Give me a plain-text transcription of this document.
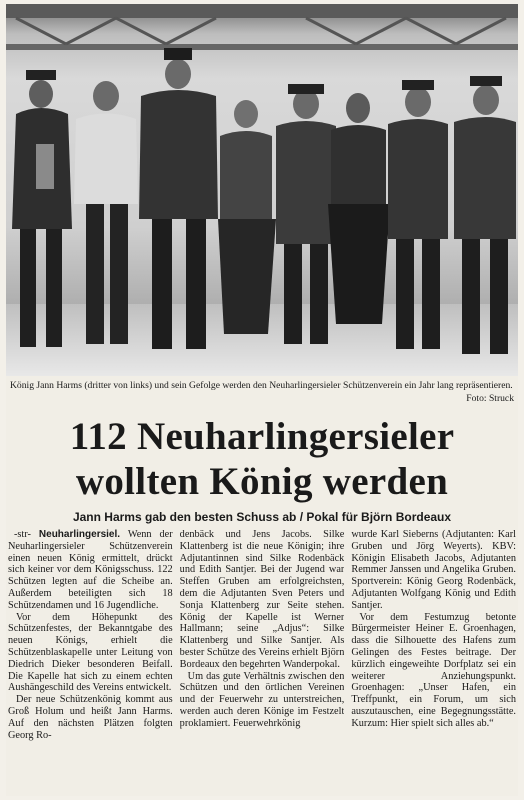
König Jann Harms (dritter von links) und sein Gefolge werden den Neuharlingersieler Schützenverein ein Jahr lang repräsentieren.
Foto: Struck
112 Neuharlingersieler
wollten König werden
Jann Harms gab den besten Schuss ab / Pokal für Björn Bordeaux

-str- Neuharlingersiel. Wenn der Neuharlingersieler Schützenverein einen neuen König ermittelt, drückt sich keiner vor dem Königsschuss. 122 Schützen legten auf die Scheibe an. Außerdem beteiligten sich 18 Schützendamen und 16 Jugendliche.

Vor dem Höhepunkt des Schützenfestes, der Bekanntgabe des neuen Königs, erhielt die Schützenblaskapelle unter Leitung von Diedrich Dieker besonderen Beifall. Die Kapelle hat sich zu einem echten Aushängeschild des Vereins entwickelt.

Der neue Schützenkönig kommt aus Groß Holum und heißt Jann Harms. Auf den nächsten Plätzen folgten Georg Ro-

denbäck und Jens Jacobs. Silke Klattenberg ist die neue Königin; ihre Adjutantinnen sind Silke Rodenbäck und Edith Santjer. Bei der Jugend war Steffen Gruben am erfolgreichsten, dem die Adjutanten Sven Peters und Sonja Klattenberg zur Seite stehen. König der Kapelle ist Werner Hallmann; seine „Adjus“: Silke Klattenberg und Silke Santjer. Als bester Schütze des Vereins erhielt Björn Bordeaux den begehrten Wanderpokal.

Um das gute Verhältnis zwischen den Schützen und den örtlichen Vereinen und der Feuerwehr zu unterstreichen, werden auch deren Könige im Festzelt proklamiert. Feuerwehrkönig

wurde Karl Sieberns (Adjutanten: Karl Gruben und Jörg Weyerts). KBV: Königin Elisabeth Jacobs, Adjutanten Remmer Janssen und Angelika Gruben. Sportverein: König Georg Rodenbäck, Adjutanten Wolfgang König und Edith Santjer.

Vor dem Festumzug betonte Bürgermeister Heiner E. Groenhagen, dass die Silhouette des Hafens zum Gelingen des Festes beitrage. Der kürzlich eingeweihte Dorfplatz sei ein weiterer Anziehungspunkt. Groenhagen: „Unser Hafen, ein Treffpunkt, ein Forum, um sich auszutauschen, eine Begegnungsstätte. Kurzum: Hier spielt sich alles ab.“
